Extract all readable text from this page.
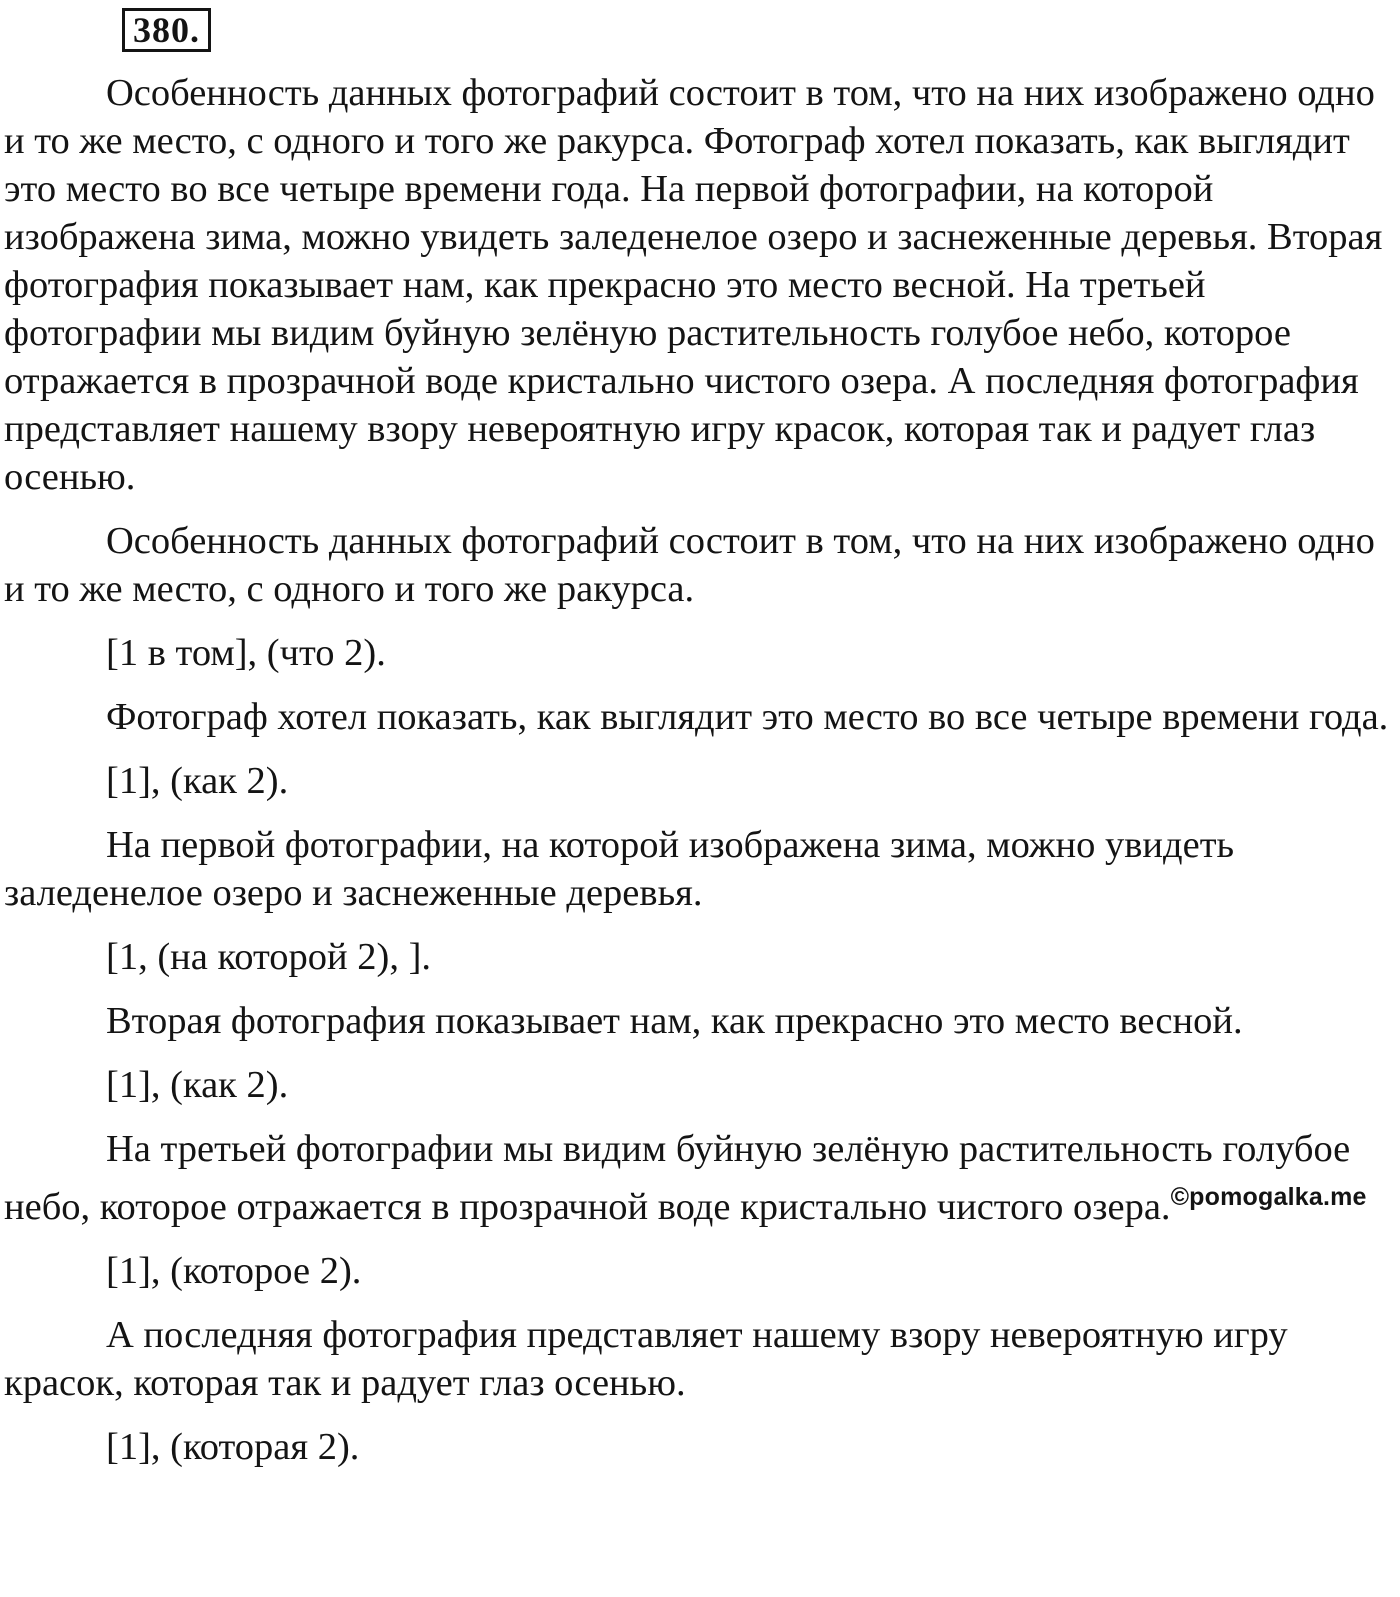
380.

Особенность данных фотографий состоит в том, что на них изображено одно и то же место, с одного и того же ракурса. Фотограф хотел показать, как выглядит это место во все четыре времени года. На первой фотографии, на которой изображена зима, можно увидеть заледенелое озеро и заснеженные деревья. Вторая фотография показывает нам, как прекрасно это место весной. На третьей фотографии мы видим буйную зелёную растительность голубое небо, которое отражается в прозрачной воде кристально чистого озера. А последняя фотография представляет нашему взору невероятную игру красок, которая так и радует глаз осенью.

Особенность данных фотографий состоит в том, что на них изображено одно и то же место, с одного и того же ракурса.

[1 в том], (что 2).

Фотограф хотел показать, как выглядит это место во все четыре времени года.

[1], (как 2).

На первой фотографии, на которой изображена зима, можно увидеть заледенелое озеро и заснеженные деревья.

[1, (на которой 2), ].

Вторая фотография показывает нам, как прекрасно это место весной.

[1], (как 2).

На третьей фотографии мы видим буйную зелёную растительность голубое небо, которое отражается в прозрачной воде кристально чистого озера.$^{©pomogalka.me}$

[1], (которое 2).

А последняя фотография представляет нашему взору невероятную игру красок, которая так и радует глаз осенью.

[1], (которая 2).
